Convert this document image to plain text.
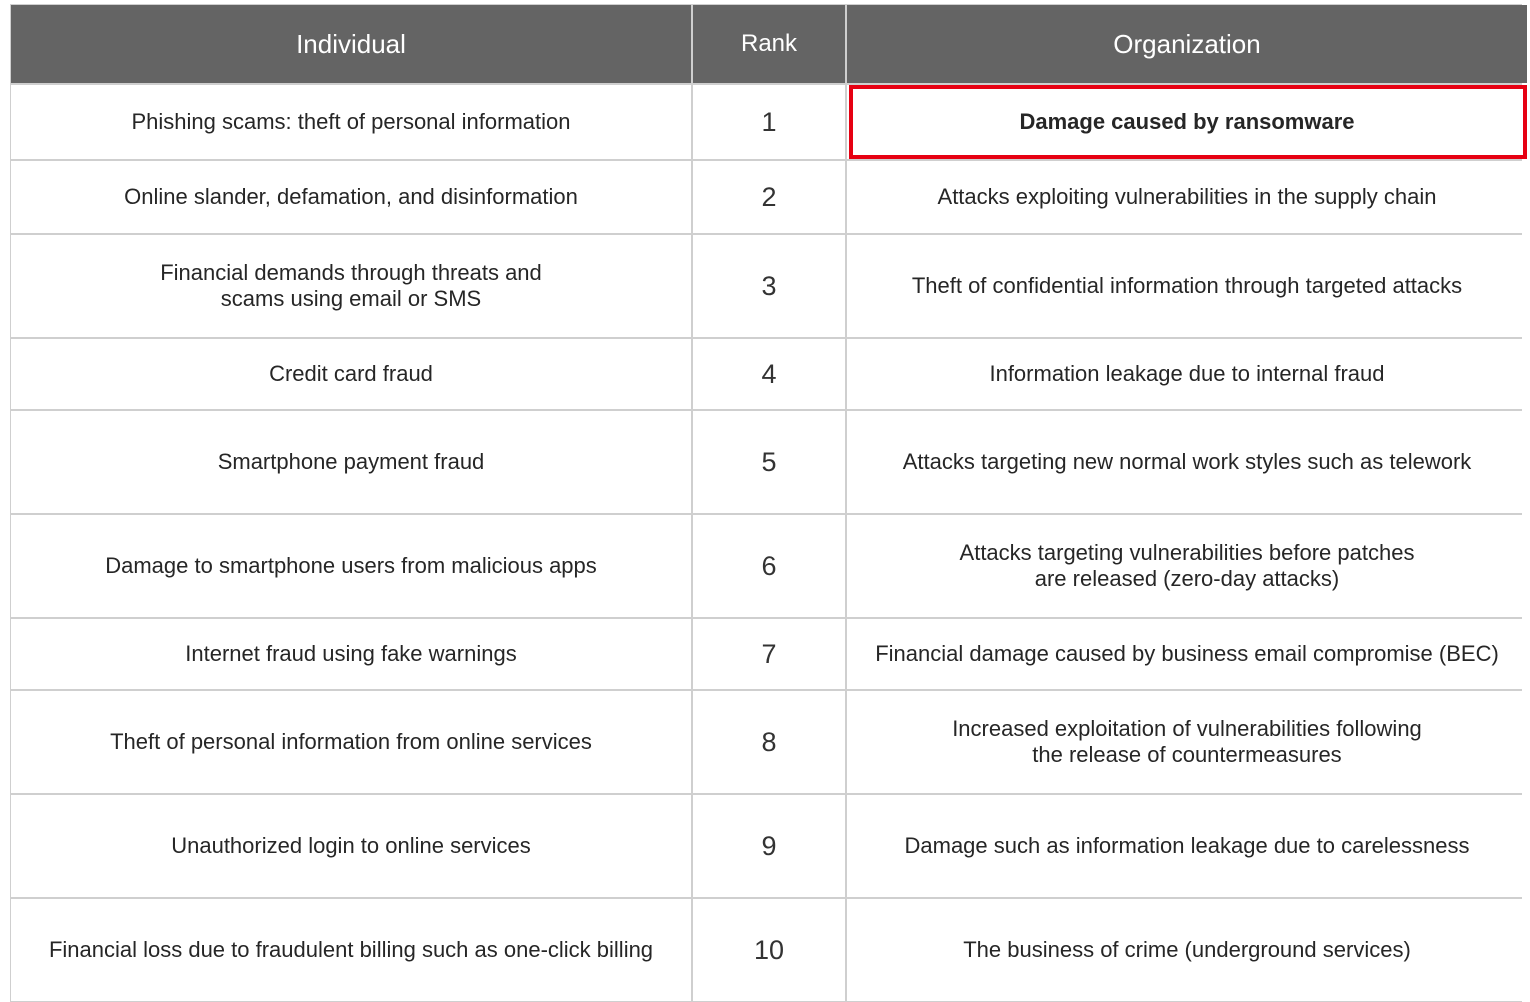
Individual	Rank	Organization
Phishing scams: theft of personal information	1	Damage caused by ransomware
Online slander, defamation, and disinformation	2	Attacks exploiting vulnerabilities in the supply chain
Financial demands through threats and
scams using email or SMS	3	Theft of confidential information through targeted attacks
Credit card fraud	4	Information leakage due to internal fraud
Smartphone payment fraud	5	Attacks targeting new normal work styles such as telework
Damage to smartphone users from malicious apps	6	Attacks targeting vulnerabilities before patches
are released (zero-day attacks)
Internet fraud using fake warnings	7	Financial damage caused by business email compromise (BEC)
Theft of personal information from online services	8	Increased exploitation of vulnerabilities following
the release of countermeasures
Unauthorized login to online services	9	Damage such as information leakage due to carelessness
Financial loss due to fraudulent billing such as one-click billing	10	The business of crime (underground services)
